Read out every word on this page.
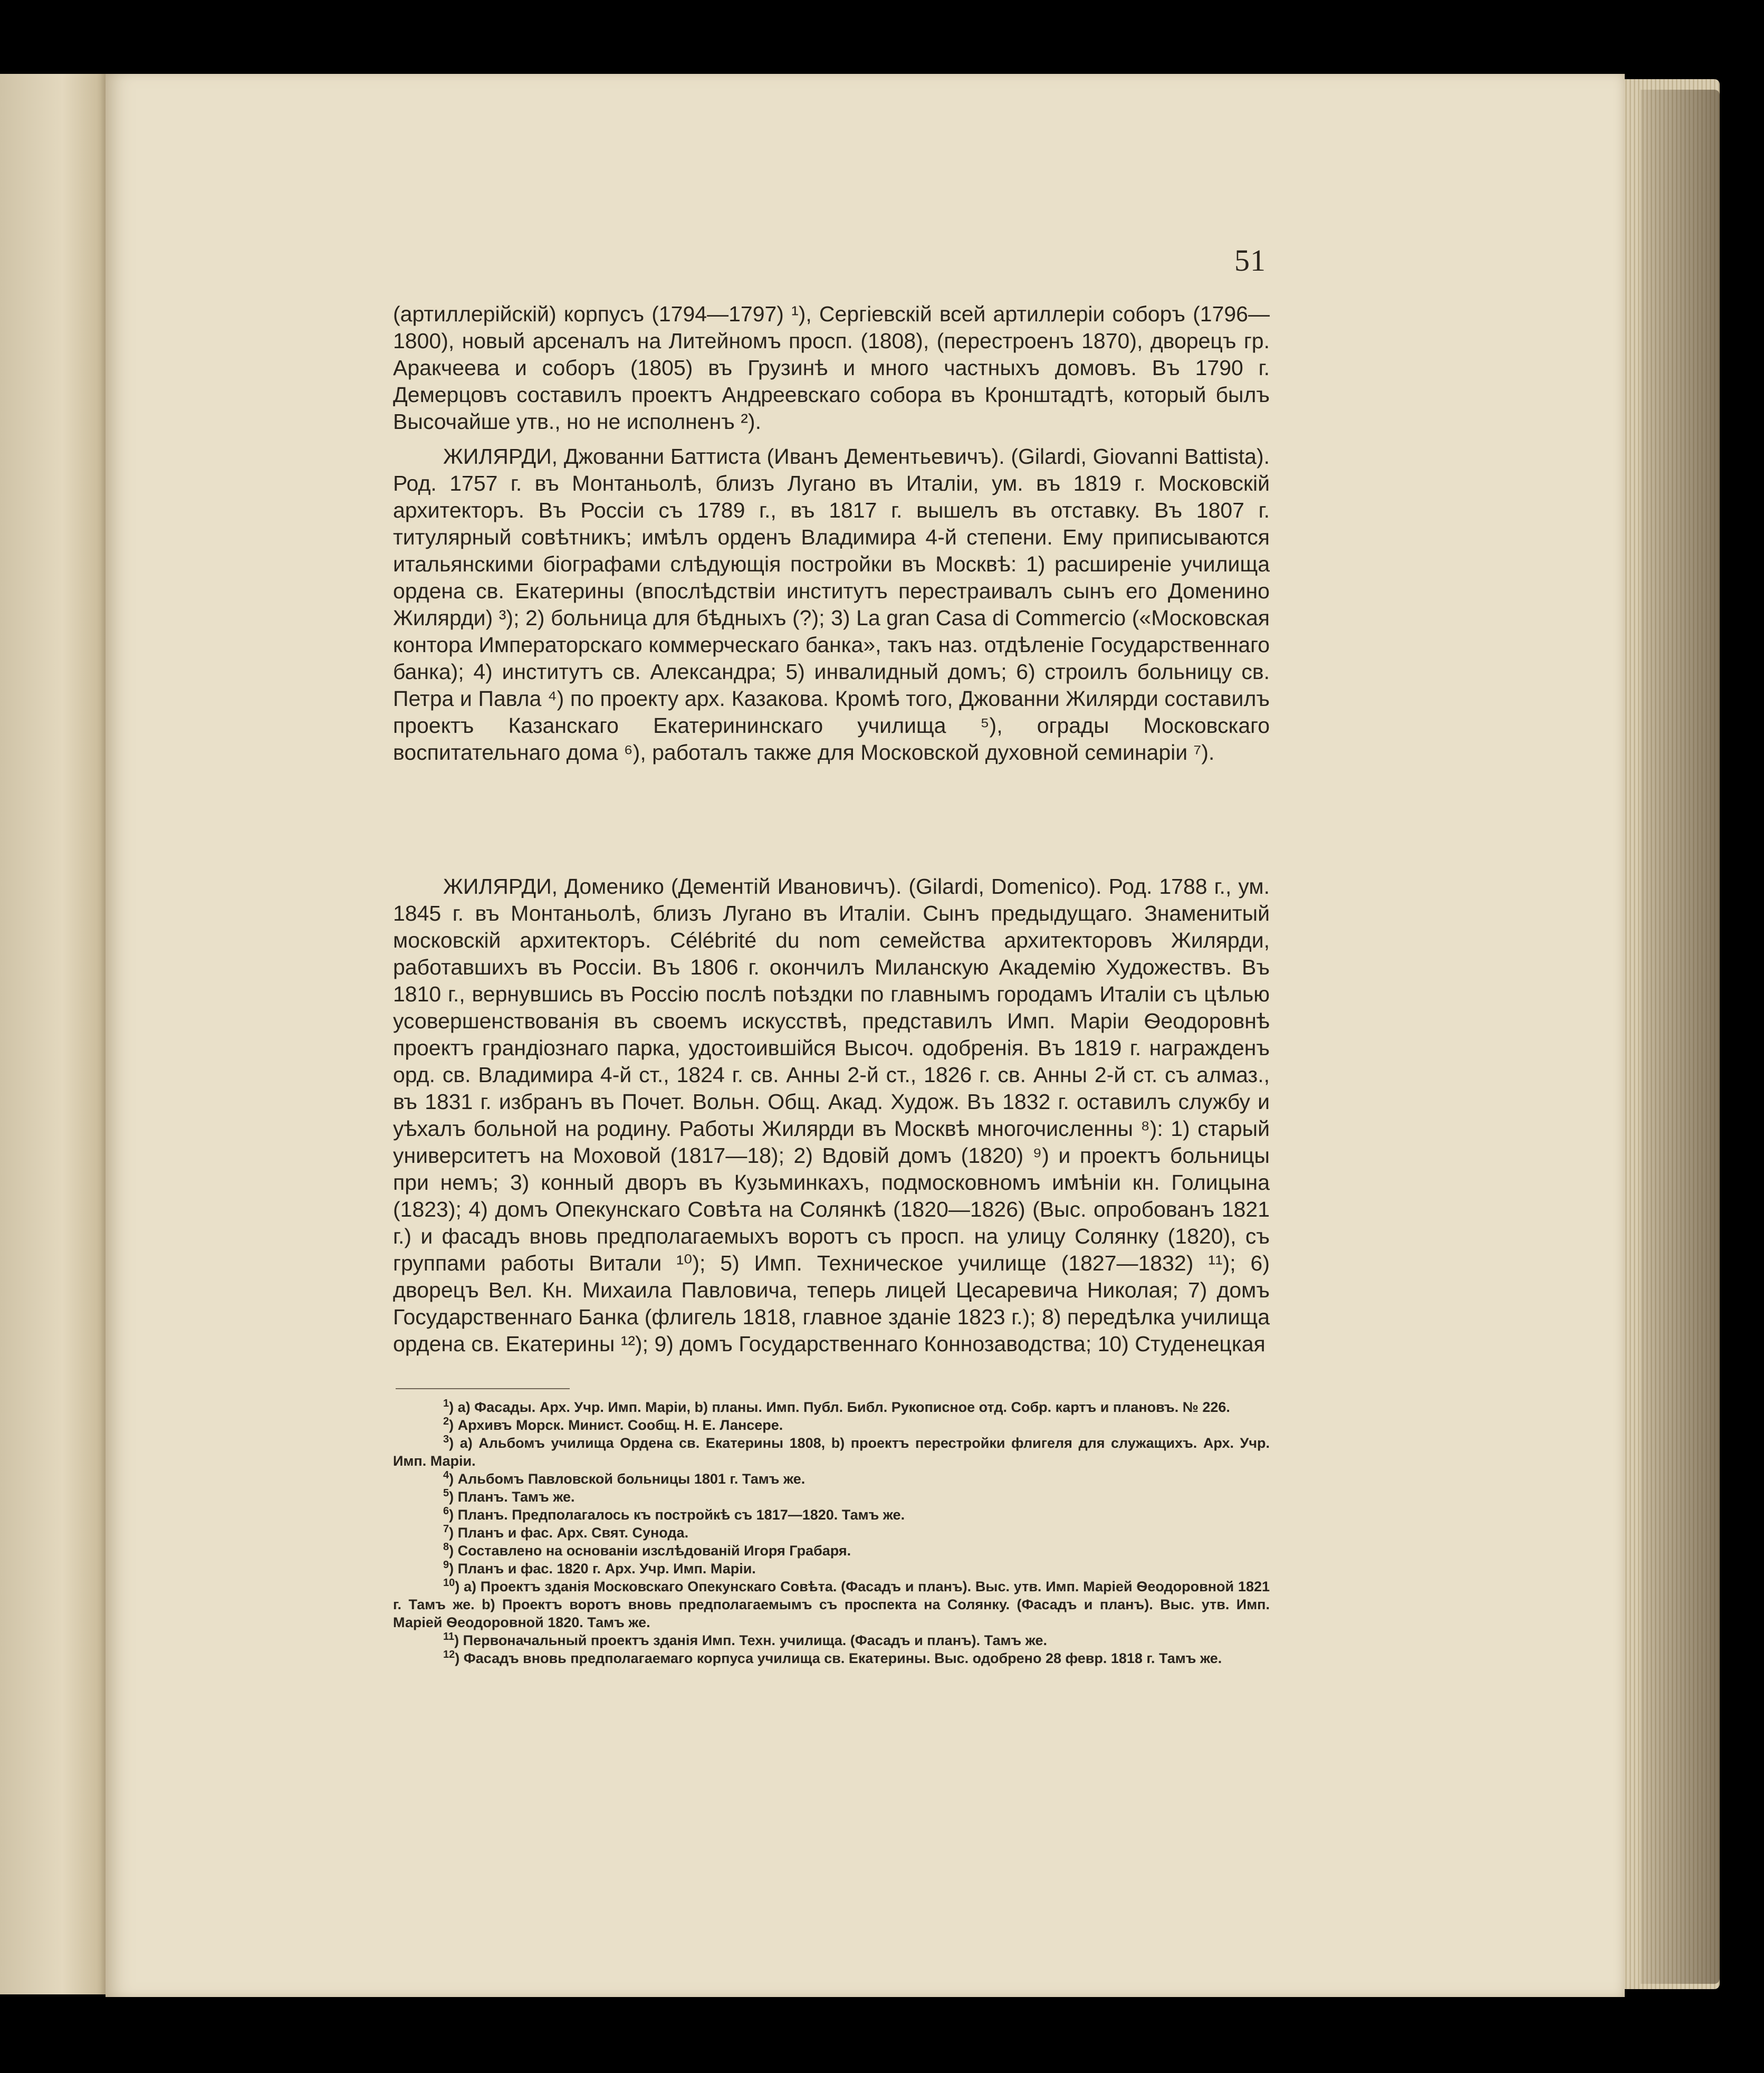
51

(артиллерійскій) корпусъ (1794—1797) ¹), Сергіевскій всей артиллеріи соборъ (1796—1800), новый арсеналъ на Литейномъ просп. (1808), (перестроенъ 1870), дворецъ гр. Аракчеева и соборъ (1805) въ Грузинѣ и много частныхъ домовъ. Въ 1790 г. Демерцовъ составилъ проектъ Андреевскаго собора въ Кронштадтѣ, который былъ Высочайше утв., но не исполненъ ²).

ЖИЛЯРДИ, Джованни Баттиста (Иванъ Дементьевичъ). (Gilardi, Giovanni Battista). Род. 1757 г. въ Монтаньолѣ, близъ Лугано въ Италіи, ум. въ 1819 г. Московскій архитекторъ. Въ Россіи съ 1789 г., въ 1817 г. вышелъ въ отставку. Въ 1807 г. титулярный совѣтникъ; имѣлъ орденъ Владимира 4-й степени. Ему приписываются итальянскими біографами слѣдующія постройки въ Москвѣ: 1) расширеніе училища ордена св. Екатерины (впослѣдствіи институтъ перестраивалъ сынъ его Доменино Жилярди) ³); 2) больница для бѣдныхъ (?); 3) La gran Casa di Commercio («Московская контора Императорскаго коммерческаго банка», такъ наз. отдѣленіе Государственнаго банка); 4) институтъ св. Александра; 5) инвалидный домъ; 6) строилъ больницу св. Петра и Павла ⁴) по проекту арх. Казакова. Кромѣ того, Джованни Жилярди составилъ проектъ Казанскаго Екатерининскаго училища ⁵), ограды Московскаго воспитательнаго дома ⁶), работалъ также для Московской духовной семинаріи ⁷).

ЖИЛЯРДИ, Доменико (Дементій Ивановичъ). (Gilardi, Domenico). Род. 1788 г., ум. 1845 г. въ Монтаньолѣ, близъ Лугано въ Италіи. Сынъ предыдущаго. Знаменитый московскій архитекторъ. Célébrité du nom семейства архитекторовъ Жилярди, работавшихъ въ Россіи. Въ 1806 г. окончилъ Миланскую Академію Художествъ. Въ 1810 г., вернувшись въ Россію послѣ поѣздки по главнымъ городамъ Италіи съ цѣлью усовершенствованія въ своемъ искусствѣ, представилъ Имп. Маріи Ѳеодоровнѣ проектъ грандіознаго парка, удостоившійся Высоч. одобренія. Въ 1819 г. награжденъ орд. св. Владимира 4-й ст., 1824 г. св. Анны 2-й ст., 1826 г. св. Анны 2-й ст. съ алмаз., въ 1831 г. избранъ въ Почет. Вольн. Общ. Акад. Худож. Въ 1832 г. оставилъ службу и уѣхалъ больной на родину. Работы Жилярди въ Москвѣ многочисленны ⁸): 1) старый университетъ на Моховой (1817—18); 2) Вдовій домъ (1820) ⁹) и проектъ больницы при немъ; 3) конный дворъ въ Кузьминкахъ, подмосковномъ имѣніи кн. Голицына (1823); 4) домъ Опекунскаго Совѣта на Солянкѣ (1820—1826) (Выс. опробованъ 1821 г.) и фасадъ вновь предполагаемыхъ воротъ съ просп. на улицу Солянку (1820), съ группами работы Витали ¹⁰); 5) Имп. Техническое училище (1827—1832) ¹¹); 6) дворецъ Вел. Кн. Михаила Павловича, теперь лицей Цесаревича Николая; 7) домъ Государственнаго Банка (флигель 1818, главное зданіе 1823 г.); 8) передѣлка училища ордена св. Екатерины ¹²); 9) домъ Государственнаго Коннозаводства; 10) Студенецкая

$^1$) а) Фасады. Арх. Учр. Имп. Маріи, b) планы. Имп. Публ. Библ. Рукописное отд. Собр. картъ и плановъ. № 226.

$^2$) Архивъ Морск. Минист. Сообщ. Н. Е. Лансере.

$^3$) а) Альбомъ училища Ордена св. Екатерины 1808, b) проектъ перестройки флигеля для служащихъ. Арх. Учр. Имп. Маріи.

$^4$) Альбомъ Павловской больницы 1801 г. Тамъ же.

$^5$) Планъ. Тамъ же.

$^6$) Планъ. Предполагалось къ постройкѣ съ 1817—1820. Тамъ же.

$^7$) Планъ и фас. Арх. Свят. Сунода.

$^8$) Составлено на основаніи изслѣдованій Игоря Грабаря.

$^9$) Планъ и фас. 1820 г. Арх. Учр. Имп. Маріи.

$^{10}$) а) Проектъ зданія Московскаго Опекунскаго Совѣта. (Фасадъ и планъ). Выс. утв. Имп. Маріей Ѳеодоровной 1821 г. Тамъ же. b) Проектъ воротъ вновь предполагаемымъ съ проспекта на Солянку. (Фасадъ и планъ). Выс. утв. Имп. Маріей Ѳеодоровной 1820. Тамъ же.

$^{11}$) Первоначальный проектъ зданія Имп. Техн. училища. (Фасадъ и планъ). Тамъ же.

$^{12}$) Фасадъ вновь предполагаемаго корпуса училища св. Екатерины. Выс. одобрено 28 февр. 1818 г. Тамъ же.
